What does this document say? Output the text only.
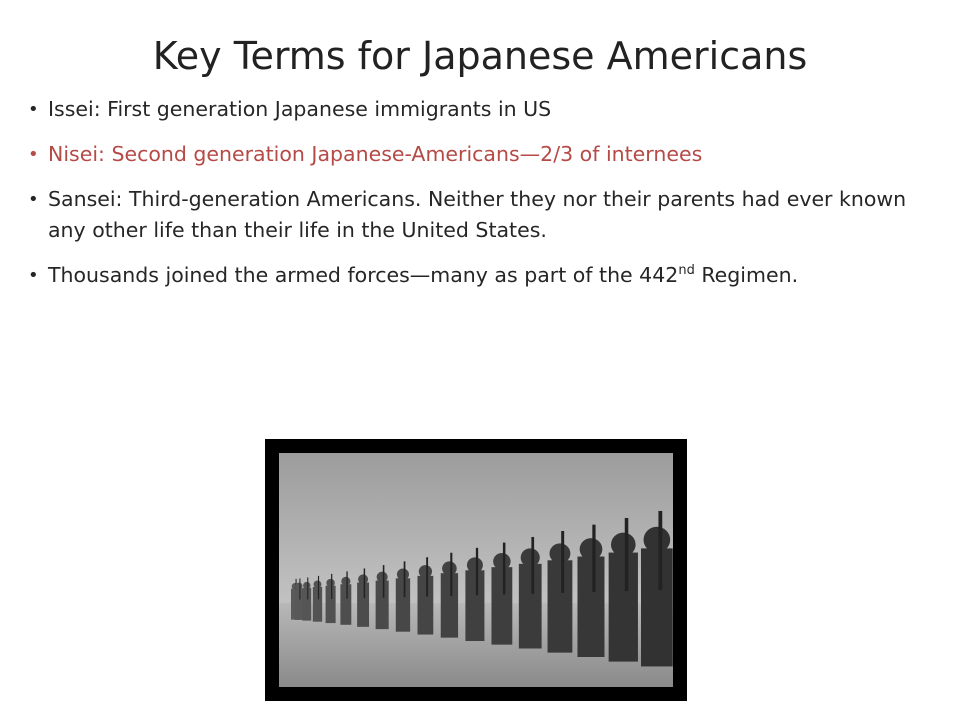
Key Terms for Japanese Americans
• Issei: First generation Japanese immigrants in US
• Nisei: Second generation Japanese-Americans—2/3 of internees
• Sansei: Third-generation Americans. Neither they nor their parents had ever known any other life than their life in the United States.
• Thousands joined the armed forces—many as part of the 442nd Regimen.
